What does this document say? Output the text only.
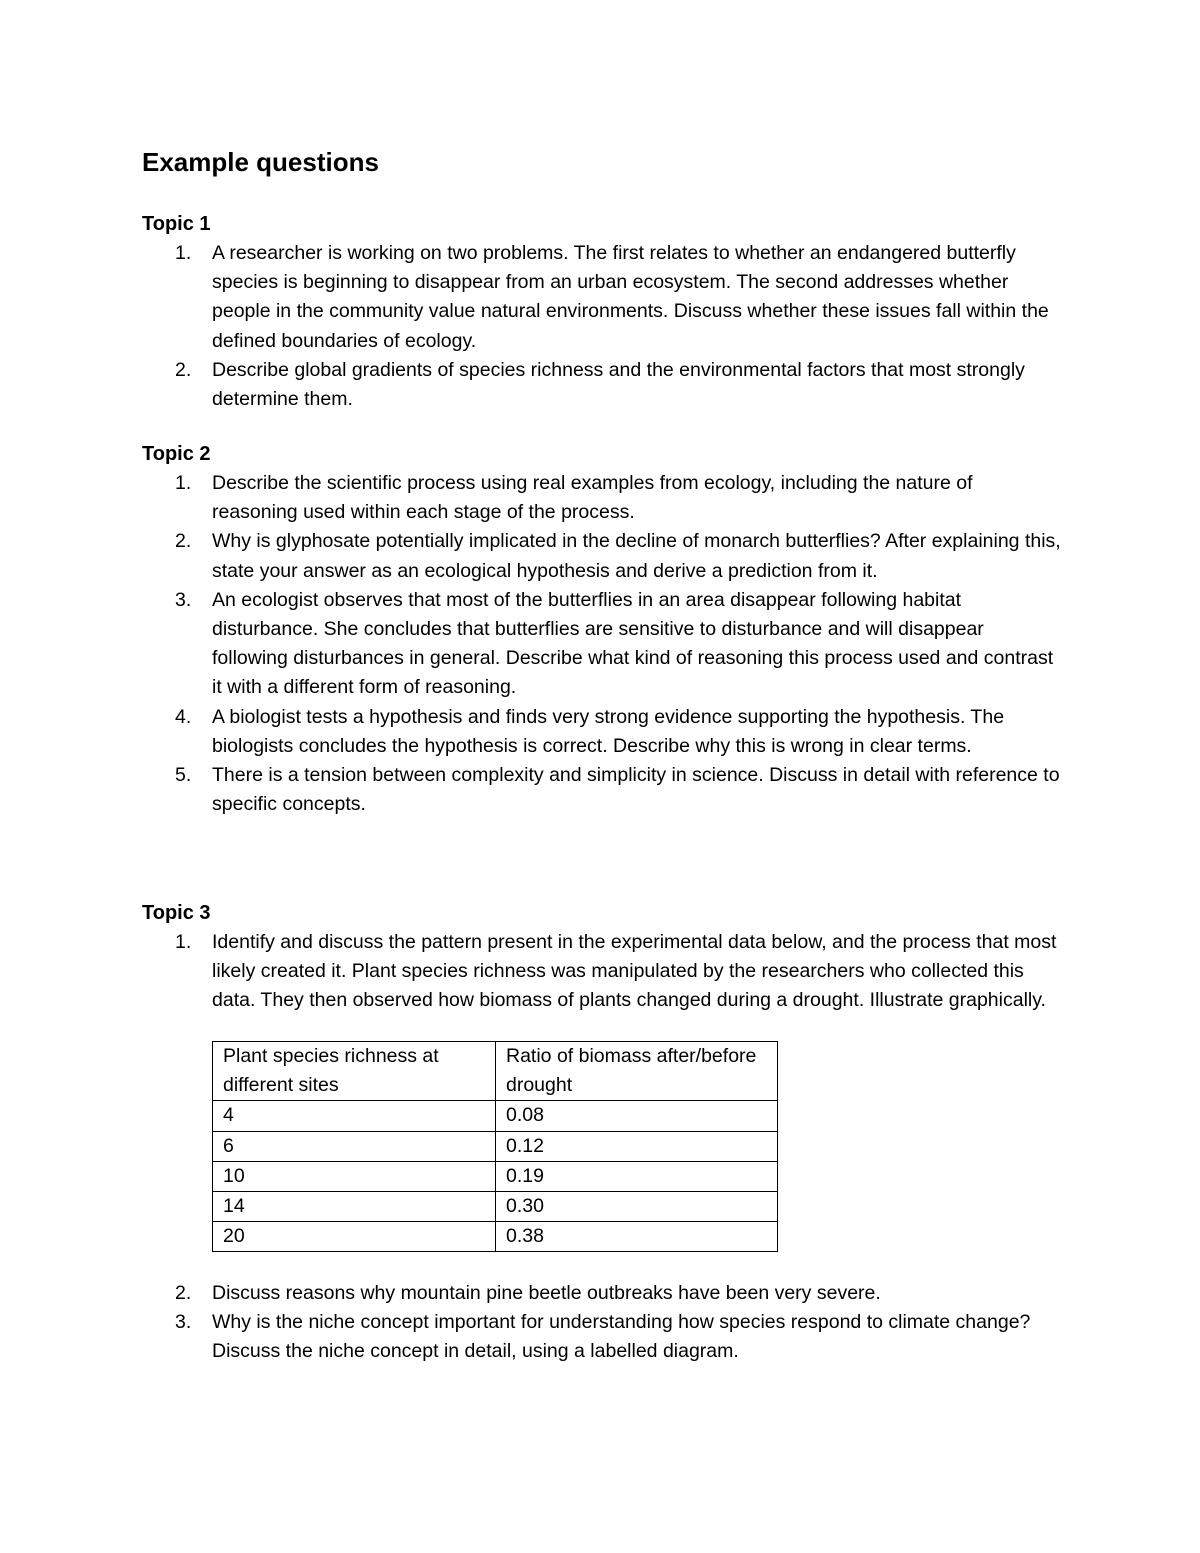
Example questions
Topic 1
1. A researcher is working on two problems. The first relates to whether an endangered butterfly species is beginning to disappear from an urban ecosystem. The second addresses whether people in the community value natural environments. Discuss whether these issues fall within the defined boundaries of ecology.
2. Describe global gradients of species richness and the environmental factors that most strongly determine them.
Topic 2
1. Describe the scientific process using real examples from ecology, including the nature of reasoning used within each stage of the process.
2. Why is glyphosate potentially implicated in the decline of monarch butterflies? After explaining this, state your answer as an ecological hypothesis and derive a prediction from it.
3. An ecologist observes that most of the butterflies in an area disappear following habitat disturbance. She concludes that butterflies are sensitive to disturbance and will disappear following disturbances in general. Describe what kind of reasoning this process used and contrast it with a different form of reasoning.
4. A biologist tests a hypothesis and finds very strong evidence supporting the hypothesis. The biologists concludes the hypothesis is correct. Describe why this is wrong in clear terms.
5. There is a tension between complexity and simplicity in science. Discuss in detail with reference to specific concepts.
Topic 3
1. Identify and discuss the pattern present in the experimental data below, and the process that most likely created it. Plant species richness was manipulated by the researchers who collected this data. They then observed how biomass of plants changed during a drought. Illustrate graphically.
Plant species richness at different sites	Ratio of biomass after/before drought
4	0.08
6	0.12
10	0.19
14	0.30
20	0.38
2. Discuss reasons why mountain pine beetle outbreaks have been very severe.
3. Why is the niche concept important for understanding how species respond to climate change? Discuss the niche concept in detail, using a labelled diagram.
